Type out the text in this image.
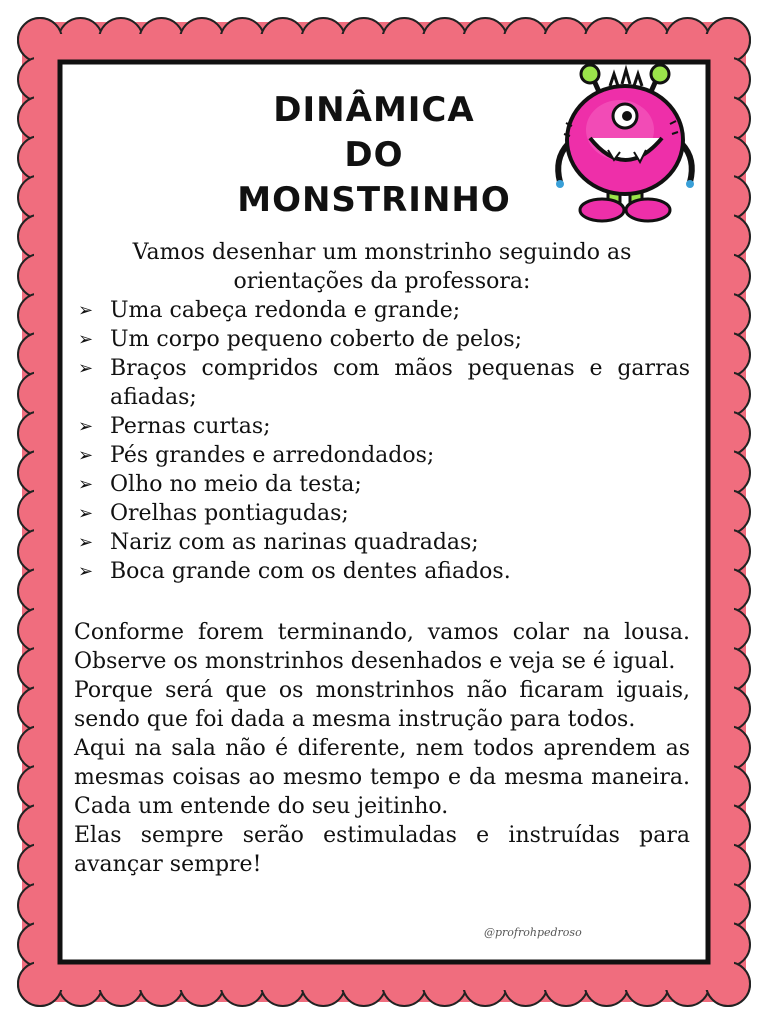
DINÂMICA
DO
MONSTRINHO
Vamos desenhar um monstrinho seguindo as orientações da professora:
➢ Uma cabeça redonda e grande;
➢ Um corpo pequeno coberto de pelos;
➢ Braços compridos com mãos pequenas e garras afiadas;
➢ Pernas curtas;
➢ Pés grandes e arredondados;
➢ Olho no meio da testa;
➢ Orelhas pontiagudas;
➢ Nariz com as narinas quadradas;
➢ Boca grande com os dentes afiados.

Conforme forem terminando, vamos colar na lousa. Observe os monstrinhos desenhados e veja se é igual.

Porque será que os monstrinhos não ficaram iguais, sendo que foi dada a mesma instrução para todos.

Aqui na sala não é diferente, nem todos aprendem as mesmas coisas ao mesmo tempo e da mesma maneira. Cada um entende do seu jeitinho.

Elas sempre serão estimuladas e instruídas para avançar sempre!

@profrohpedroso
